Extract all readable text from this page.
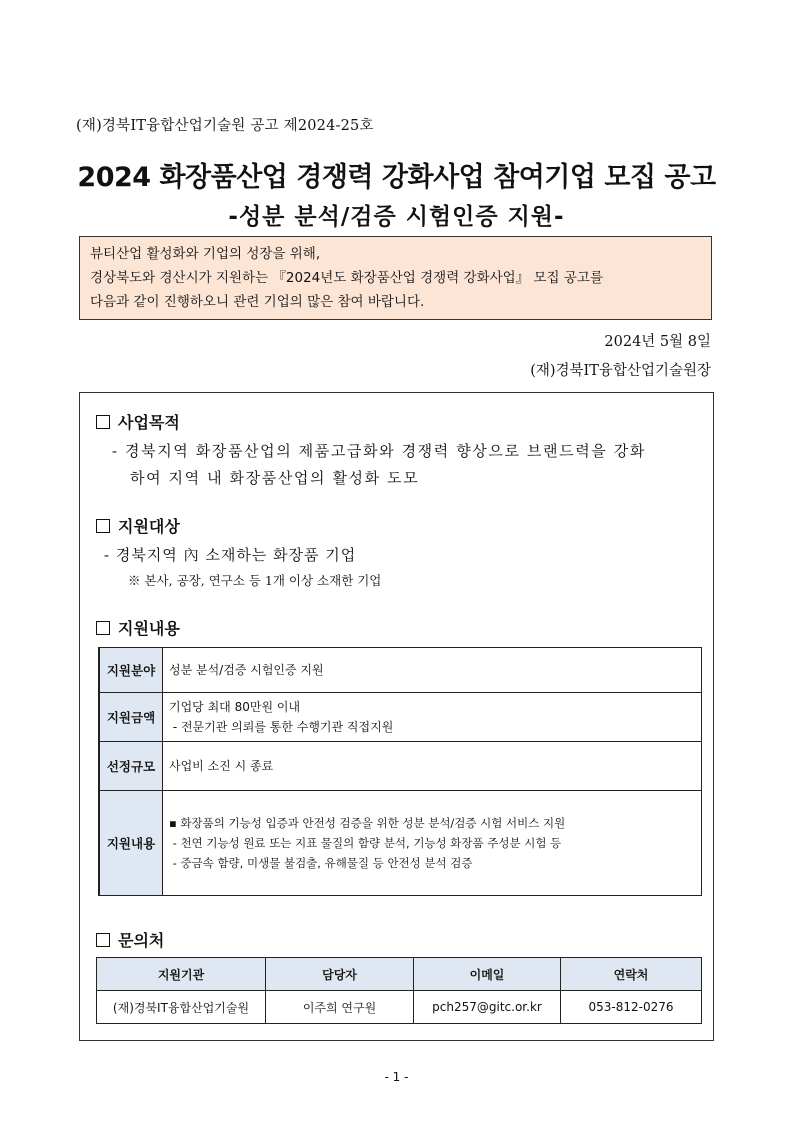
(재)경북IT융합산업기술원 공고 제2024-25호
2024 화장품산업 경쟁력 강화사업 참여기업 모집 공고
-성분 분석/검증 시험인증 지원-
뷰티산업 활성화와 기업의 성장을 위해,
경상북도와 경산시가 지원하는 『2024년도 화장품산업 경쟁력 강화사업』 모집 공고를
다음과 같이 진행하오니 관련 기업의 많은 참여 바랍니다.
2024년 5월 8일
(재)경북IT융합산업기술원장
사업목적
- 경북지역 화장품산업의 제품고급화와 경쟁력 향상으로 브랜드력을 강화
하여 지역 내 화장품산업의 활성화 도모
지원대상
- 경북지역 內 소재하는 화장품 기업
※ 본사, 공장, 연구소 등 1개 이상 소재한 기업
지원내용
지원분야	성분 분석/검증 시험인증 지원

지원금액	기업당 최대 80만원 이내
- 전문기관 의뢰를 통한 수행기관 직접지원

선정규모	사업비 소진 시 종료

지원내용	▪ 화장품의 기능성 입증과 안전성 검증을 위한 성분 분석/검증 시험 서비스 지원
- 천연 기능성 원료 또는 지표 물질의 함량 분석, 기능성 화장품 주성분 시험 등
- 중금속 함량, 미생물 불검출, 유해물질 등 안전성 분석 검증
문의처
지원기관	담당자	이메일	연락처
(재)경북IT융합산업기술원	이주희 연구원	pch257@gitc.or.kr	053-812-0276
- 1 -
